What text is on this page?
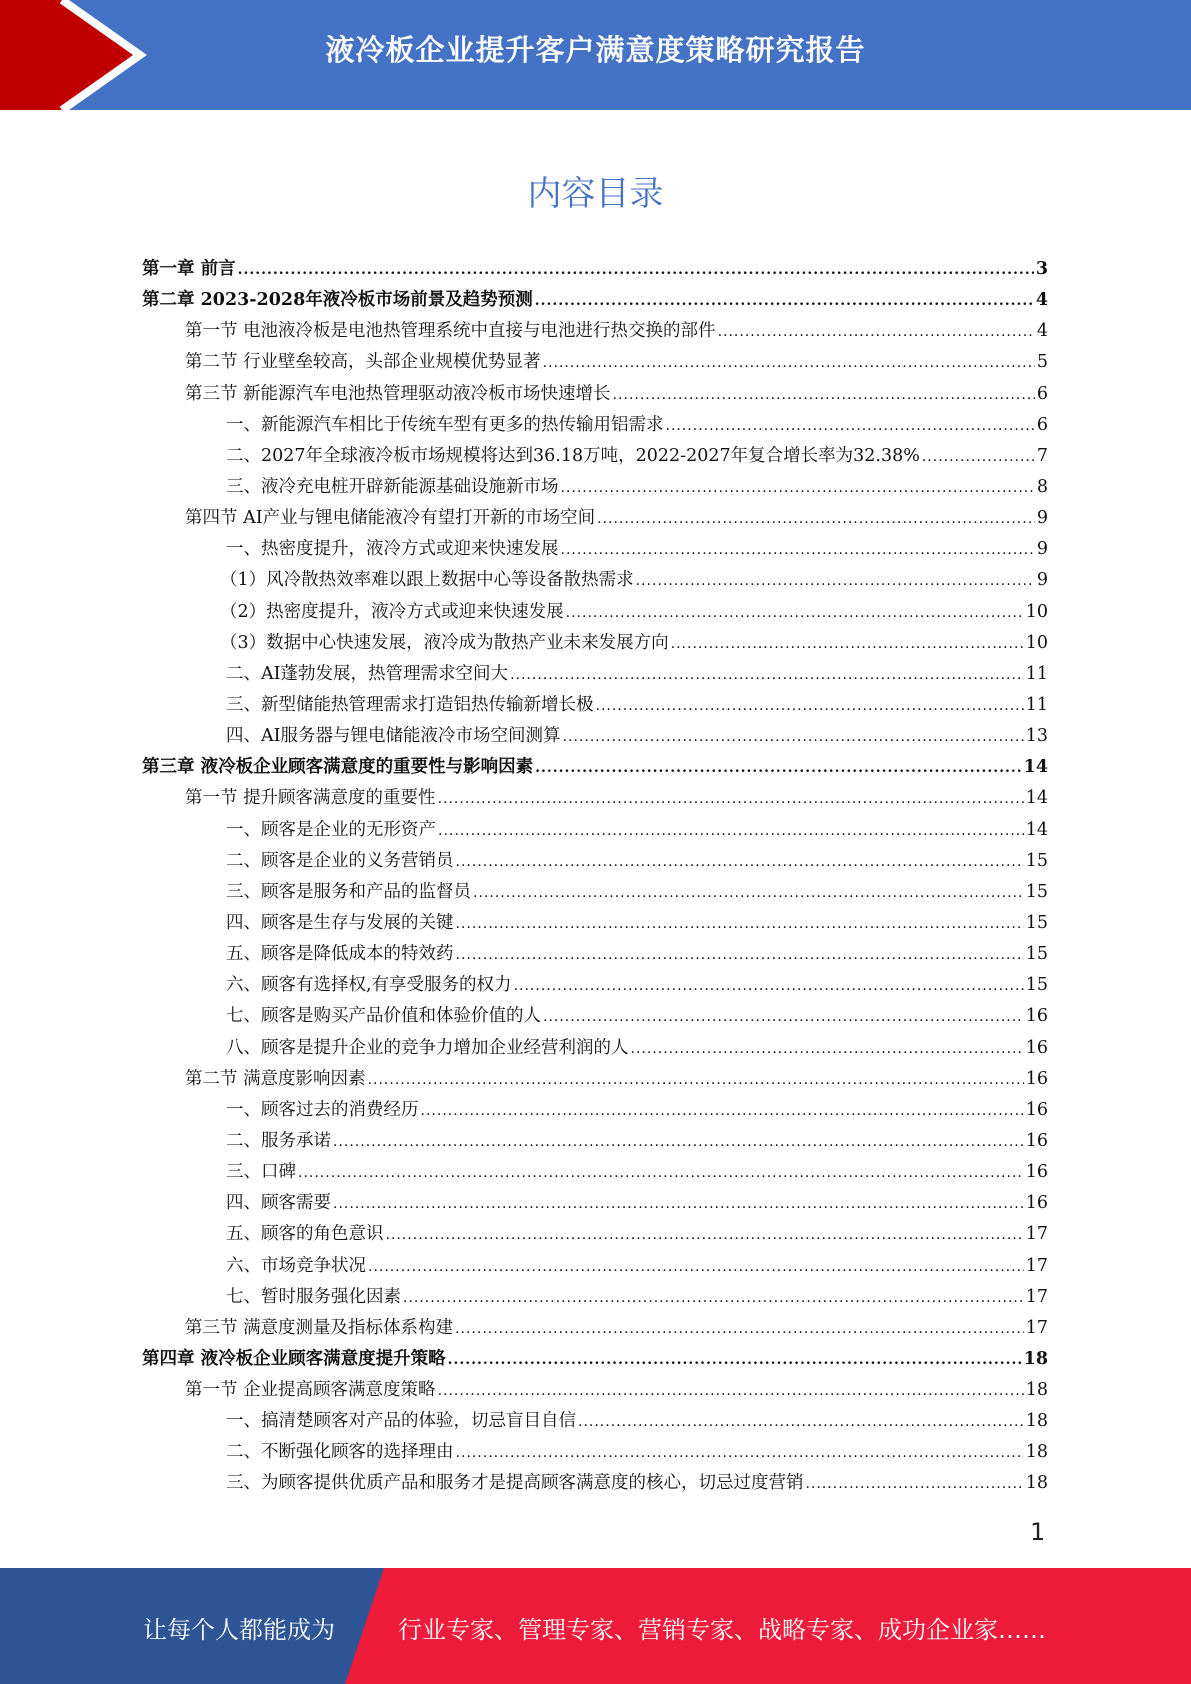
液冷板企业提升客户满意度策略研究报告
内容目录
第一章 前言 .....	3
第二章 2023-2028年液冷板市场前景及趋势预测 .....	4
第一节 电池液冷板是电池热管理系统中直接与电池进行热交换的部件 .....	4
第二节 行业壁垒较高，头部企业规模优势显著 .....	5
第三节 新能源汽车电池热管理驱动液冷板市场快速增长 .....	6
一、新能源汽车相比于传统车型有更多的热传输用铝需求 .....	6
二、2027年全球液冷板市场规模将达到36.18万吨，2022-2027年复合增长率为32.38% .....	7
三、液冷充电桩开辟新能源基础设施新市场 .....	8
第四节 AI产业与锂电储能液冷有望打开新的市场空间 .....	9
一、热密度提升，液冷方式或迎来快速发展 .....	9
（1）风冷散热效率难以跟上数据中心等设备散热需求 .....	9
（2）热密度提升，液冷方式或迎来快速发展 .....	10
（3）数据中心快速发展，液冷成为散热产业未来发展方向 .....	10
二、AI蓬勃发展，热管理需求空间大 .....	11
三、新型储能热管理需求打造铝热传输新增长极 .....	11
四、AI服务器与锂电储能液冷市场空间测算 .....	13
第三章 液冷板企业顾客满意度的重要性与影响因素 .....	14
第一节 提升顾客满意度的重要性 .....	14
一、顾客是企业的无形资产 .....	14
二、顾客是企业的义务营销员 .....	15
三、顾客是服务和产品的监督员 .....	15
四、顾客是生存与发展的关键 .....	15
五、顾客是降低成本的特效药 .....	15
六、顾客有选择权,有享受服务的权力 .....	15
七、顾客是购买产品价值和体验价值的人 .....	16
八、顾客是提升企业的竞争力增加企业经营利润的人 .....	16
第二节 满意度影响因素 .....	16
一、顾客过去的消费经历 .....	16
二、服务承诺 .....	16
三、口碑 .....	16
四、顾客需要 .....	16
五、顾客的角色意识 .....	17
六、市场竞争状况 .....	17
七、暂时服务强化因素 .....	17
第三节 满意度测量及指标体系构建 .....	17
第四章 液冷板企业顾客满意度提升策略 .....	18
第一节 企业提高顾客满意度策略 .....	18
一、搞清楚顾客对产品的体验，切忌盲目自信 .....	18
二、不断强化顾客的选择理由 .....	18
三、为顾客提供优质产品和服务才是提高顾客满意度的核心，切忌过度营销 .....	18
1
让每个人都能成为	行业专家、管理专家、营销专家、战略专家、成功企业家……
